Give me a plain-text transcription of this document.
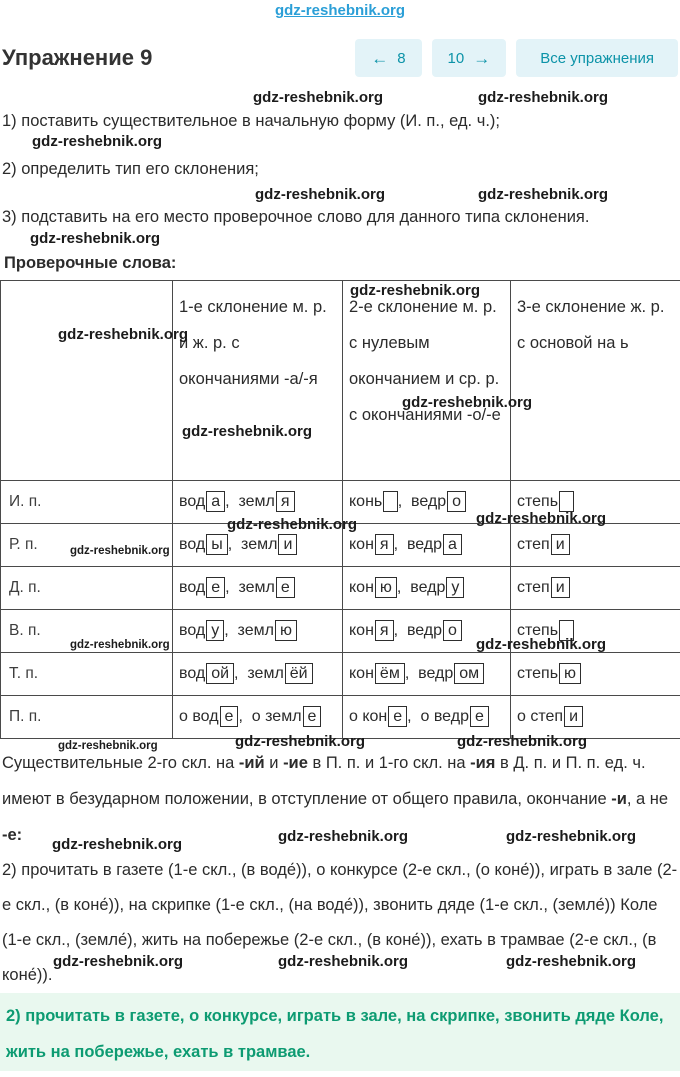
gdz-reshebnik.org
Упражнение 9	← 8	10 →	Все упражнения

1) поставить существительное в начальную форму (И. п., ед. ч.);

2) определить тип его склонения;

3) подставить на его место проверочное слово для данного типа склонения.

Проверочные слова:

	1-е склонение м. р. и ж. р. с окончаниями -а/-я	2-е склонение м. р. с нулевым окончанием и ср. р. с окончаниями -о/-е	3-е склонение ж. р. с основой на ь
И. п.	вод а ,  земл я	конь ,  ведр о	степь
Р. п.	вод ы ,  земл и	кон я ,  ведр а	степ и
Д. п.	вод е ,  земл е	кон ю ,  ведр у	степ и
В. п.	вод у ,  земл ю	кон я ,  ведр о	степь
Т. п.	вод ой ,  земл ёй	кон ём ,  ведр ом	степь ю
П. п.	о вод е ,  о земл е	о кон е ,  о ведр е	о степ и

Существительные 2-го скл. на -ий и -ие в П. п. и 1-го скл. на -ия в Д. п. и П. п. ед. ч. имеют в безударном положении, в отступление от общего правила, окончание -и, а не -е:

2) прочитать в газете (1-е скл., (в воде́)), о конкурсе (2-е скл., (о коне́)), играть в зале (2-е скл., (в коне́)), на скрипке (1-е скл., (на воде́)), звонить дяде (1-е скл., (земле́)) Коле (1-е скл., (земле́), жить на побережье (2-е скл., (в коне́)), ехать в трамвае (2-е скл., (в коне́)).

2) прочитать в газете, о конкурсе, играть в зале, на скрипке, звонить дяде Коле, жить на побережье, ехать в трамвае.

gdz-reshebnik.org	gdz-reshebnik.org
gdz-reshebnik.org
gdz-reshebnik.org	gdz-reshebnik.org
gdz-reshebnik.org
gdz-reshebnik.org
gdz-reshebnik.org
gdz-reshebnik.org
gdz-reshebnik.org
gdz-reshebnik.org
gdz-reshebnik.org
gdz-reshebnik.org
gdz-reshebnik.org	gdz-reshebnik.org
gdz-reshebnik.org	gdz-reshebnik.org	gdz-reshebnik.org
gdz-reshebnik.org	gdz-reshebnik.org
gdz-reshebnik.org
gdz-reshebnik.org	gdz-reshebnik.org	gdz-reshebnik.org
